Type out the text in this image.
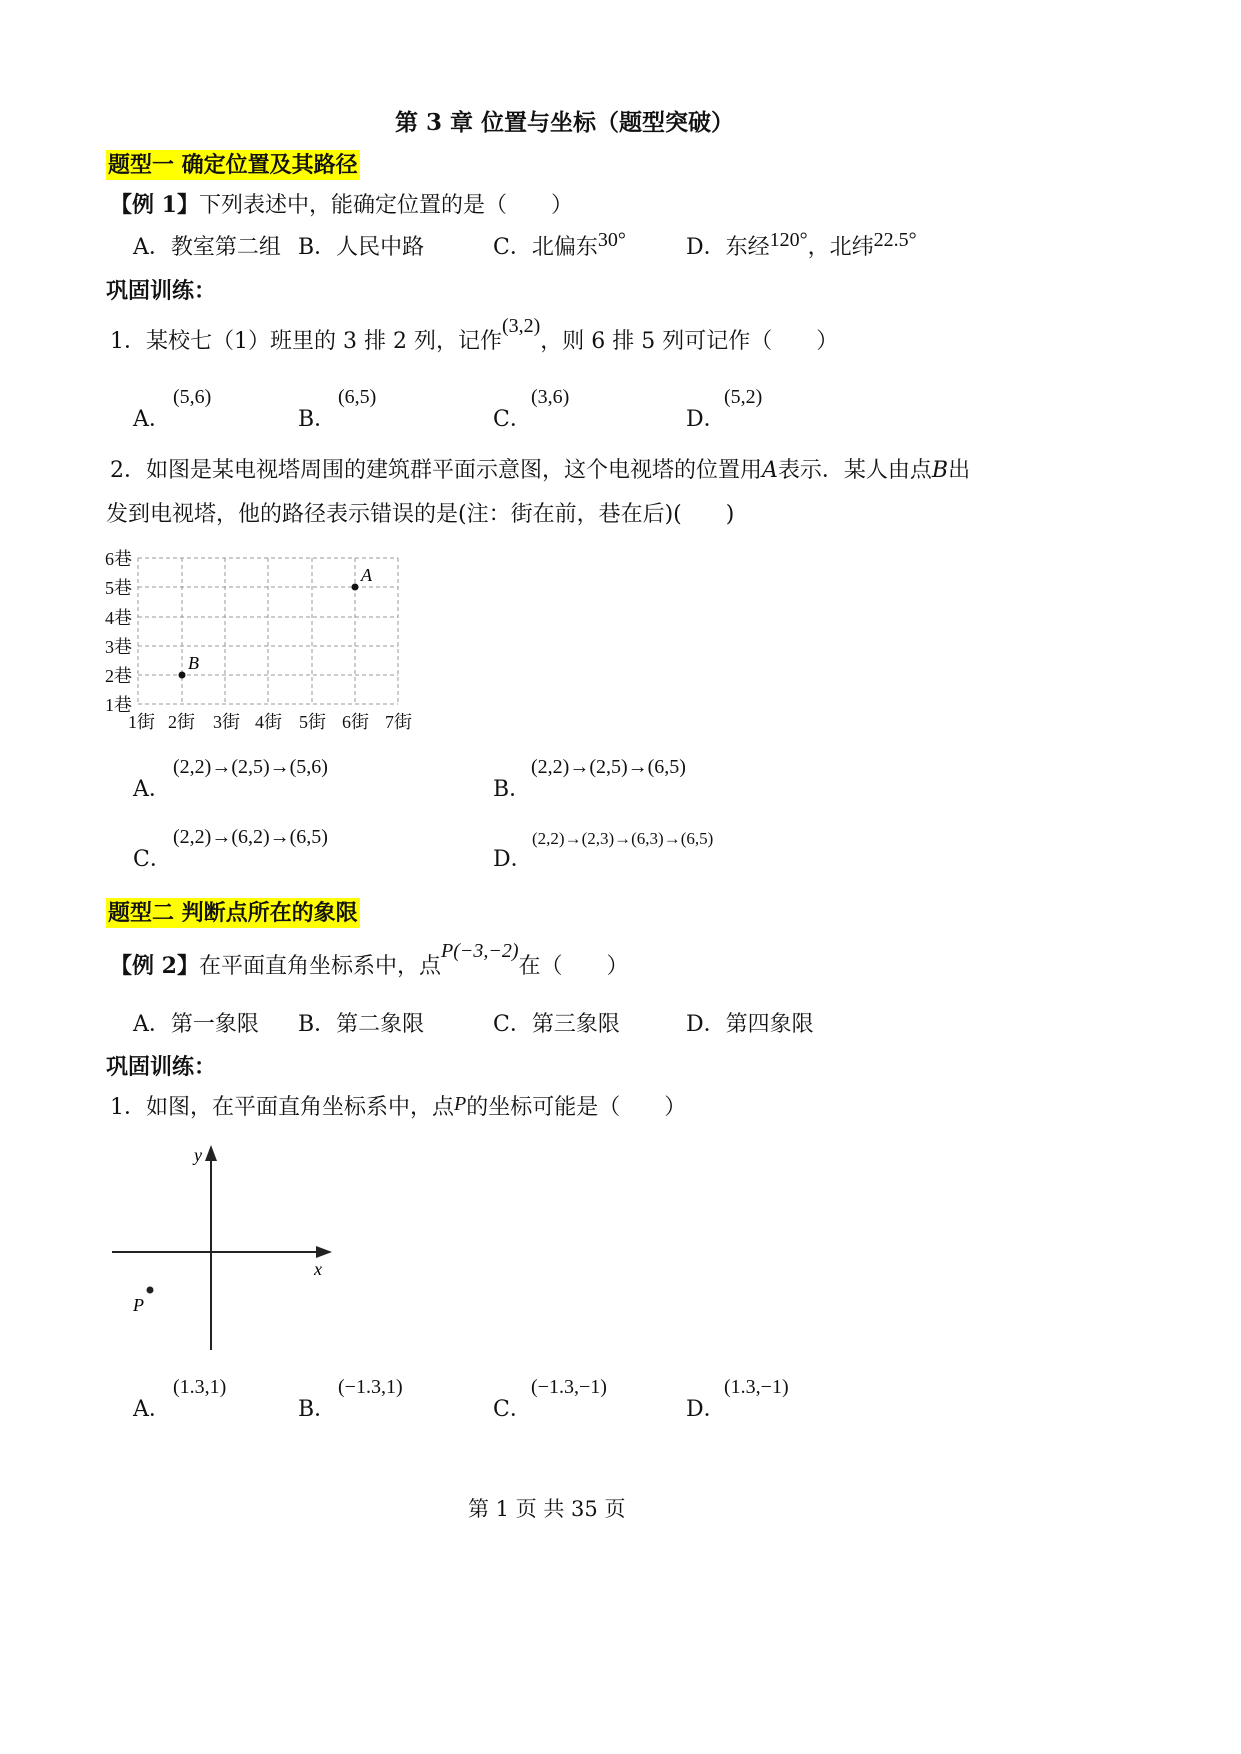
第 3 章 位置与坐标（题型突破）
题型一 确定位置及其路径
【例 1】下列表述中，能确定位置的是（　　）
A．教室第二组 B．人民中路	C．北偏东30°	D．东经120°，北纬22.5°
巩固训练：
1．某校七（1）班里的 3 排 2 列，记作(3,2)，则 6 排 5 列可记作（　　）
A．
(5,6)
B．
(6,5)
C．
(3,6)
D．
(5,2)
2．如图是某电视塔周围的建筑群平面示意图，这个电视塔的位置用A表示．某人由点B出
发到电视塔，他的路径表示错误的是(注：街在前，巷在后)(　　)
6巷
5巷
4巷
3巷
2巷
1巷
1街 2街 3街 4街 5街 6街 7街
A
B
A．
(2,2)→(2,5)→(5,6)
B．
(2,2)→(2,5)→(6,5)
C．
(2,2)→(6,2)→(6,5)
D．
(2,2)→(2,3)→(6,3)→(6,5)
题型二 判断点所在的象限
【例 2】在平面直角坐标系中，点P(−3,−2)在（　　）
A．第一象限 B．第二象限	C．第三象限	D．第四象限
巩固训练：
1．如图，在平面直角坐标系中，点P的坐标可能是（　　）
x
y
P
A．
(1.3,1)
B．
(−1.3,1)
C．
(−1.3,−1)
D．
(1.3,−1)
第 1 页 共 35 页
